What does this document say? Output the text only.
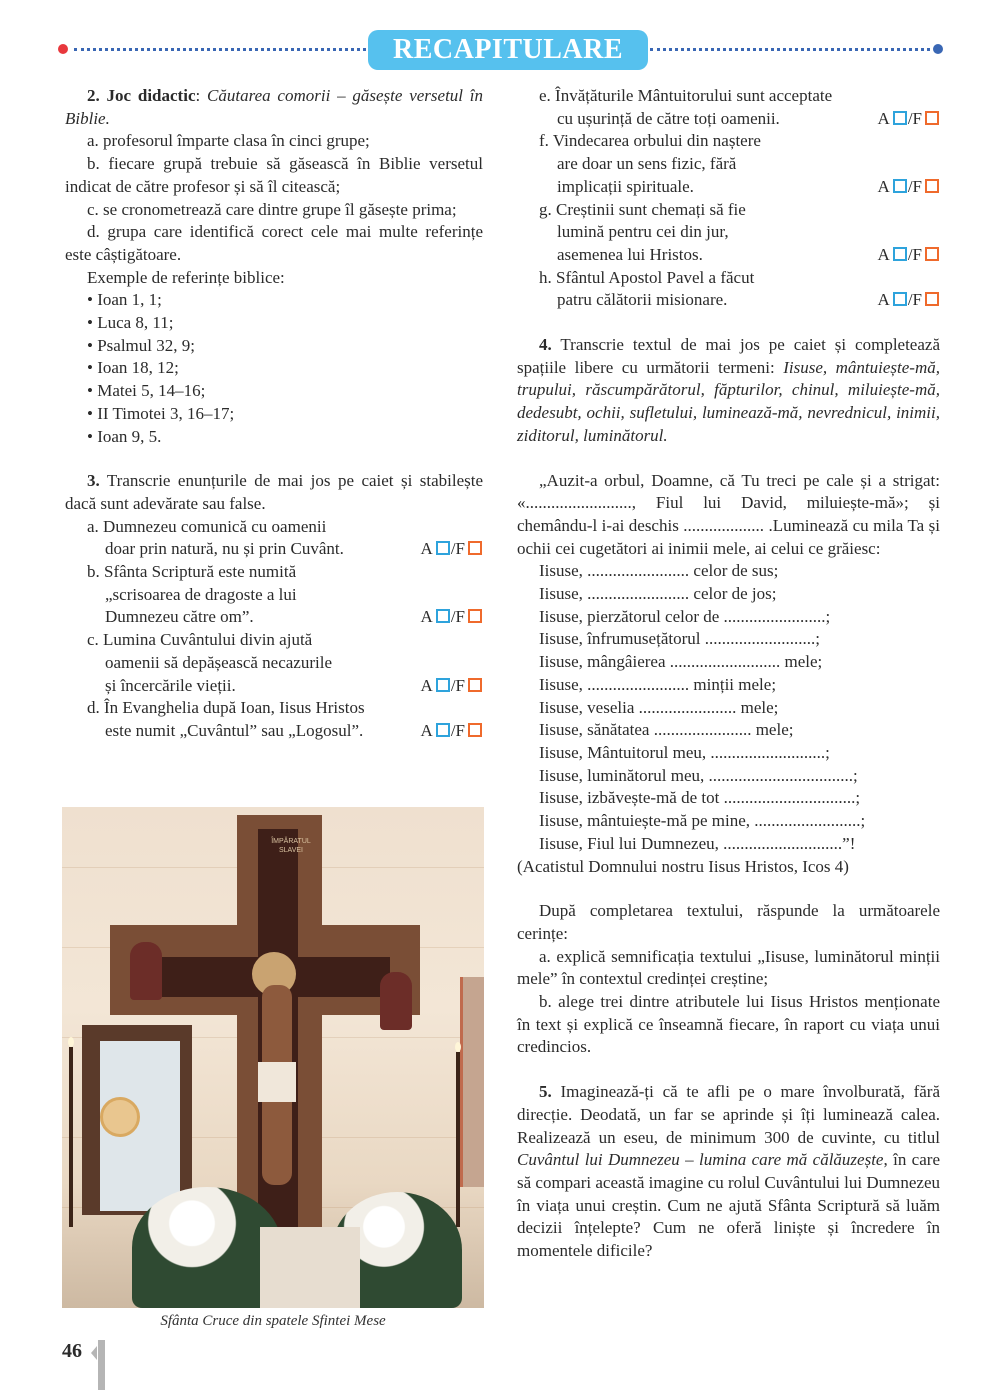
RECAPITULARE

2. Joc didactic: Căutarea comorii – găsește versetul în Biblie.

a. profesorul împarte clasa în cinci grupe;

b. fiecare grupă trebuie să găsească în Biblie versetul indicat de către profesor și să îl citească;

c. se cronometrează care dintre grupe îl găsește prima;

d. grupa care identifică corect cele mai multe referințe este câștigătoare.

Exemple de referințe biblice:

• Ioan 1, 1;

• Luca 8, 11;

• Psalmul 32, 9;

• Ioan 18, 12;

• Matei 5, 14–16;

• II Timotei 3, 16–17;

• Ioan 9, 5.

3. Transcrie enunțurile de mai jos pe caiet și stabilește dacă sunt adevărate sau false.

a. Dumnezeu comunică cu oamenii
doar prin natură, nu și prin Cuvânt.	A /F
b. Sfânta Scriptură este numită
„scrisoarea de dragoste a lui
Dumnezeu către om”.	A /F
c. Lumina Cuvântului divin ajută
oamenii să depășească necazurile
și încercările vieții.	A /F
d. În Evanghelia după Ioan, Iisus Hristos
este numit „Cuvântul” sau „Logosul”.	A /F
ÎMPĂRATUL SLAVEI
Sfânta Cruce din spatele Sfintei Mese
e. Învățăturile Mântuitorului sunt acceptate
cu ușurință de către toți oamenii.	A /F
f. Vindecarea orbului din naștere
are doar un sens fizic, fără
implicații spirituale.	A /F
g. Creștinii sunt chemați să fie
lumină pentru cei din jur,
asemenea lui Hristos.	A /F
h. Sfântul Apostol Pavel a făcut
patru călătorii misionare.	A /F

4. Transcrie textul de mai jos pe caiet și completează spațiile libere cu următorii termeni: Iisuse, mântuiește-mă, trupului, răscumpărătorul, făpturilor, chinul, miluiește-mă, dedesubt, ochii, sufletului, luminează-mă, nevrednicul, inimii, ziditorul, luminătorul.

„Auzit-a orbul, Doamne, că Tu treci pe cale și a strigat: «........................., Fiul lui David, miluiește-mă»; și chemându-l i-ai deschis ................... .Luminează cu mila Ta și ochii cei cugetători ai inimii mele, ai celui ce grăiesc:

Iisuse, ........................ celor de sus;

Iisuse, ........................ celor de jos;

Iisuse, pierzătorul celor de ........................;

Iisuse, înfrumusețătorul ..........................;

Iisuse, mângâierea .......................... mele;

Iisuse, ........................ minții mele;

Iisuse, veselia ....................... mele;

Iisuse, sănătatea ....................... mele;

Iisuse, Mântuitorul meu, ...........................;

Iisuse, luminătorul meu, ..................................;

Iisuse, izbăvește-mă de tot ...............................;

Iisuse, mântuiește-mă pe mine, .........................;

Iisuse, Fiul lui Dumnezeu, ............................”!

(Acatistul Domnului nostru Iisus Hristos, Icos 4)

După completarea textului, răspunde la următoarele cerințe:

a. explică semnificația textului „Iisuse, luminătorul minții mele” în contextul credinței creștine;

b. alege trei dintre atributele lui Iisus Hristos menționate în text și explică ce înseamnă fiecare, în raport cu viața unui credincios.

5. Imaginează-ți că te afli pe o mare învolburată, fără direcție. Deodată, un far se aprinde și îți luminează calea. Realizează un eseu, de minimum 300 de cuvinte, cu titlul Cuvântul lui Dumnezeu – lumina care mă călăuzește, în care să compari această imagine cu rolul Cuvântului lui Dumnezeu în viața unui creștin. Cum ne ajută Sfânta Scriptură să luăm decizii înțelepte? Cum ne oferă liniște și încredere în momentele dificile?

46
